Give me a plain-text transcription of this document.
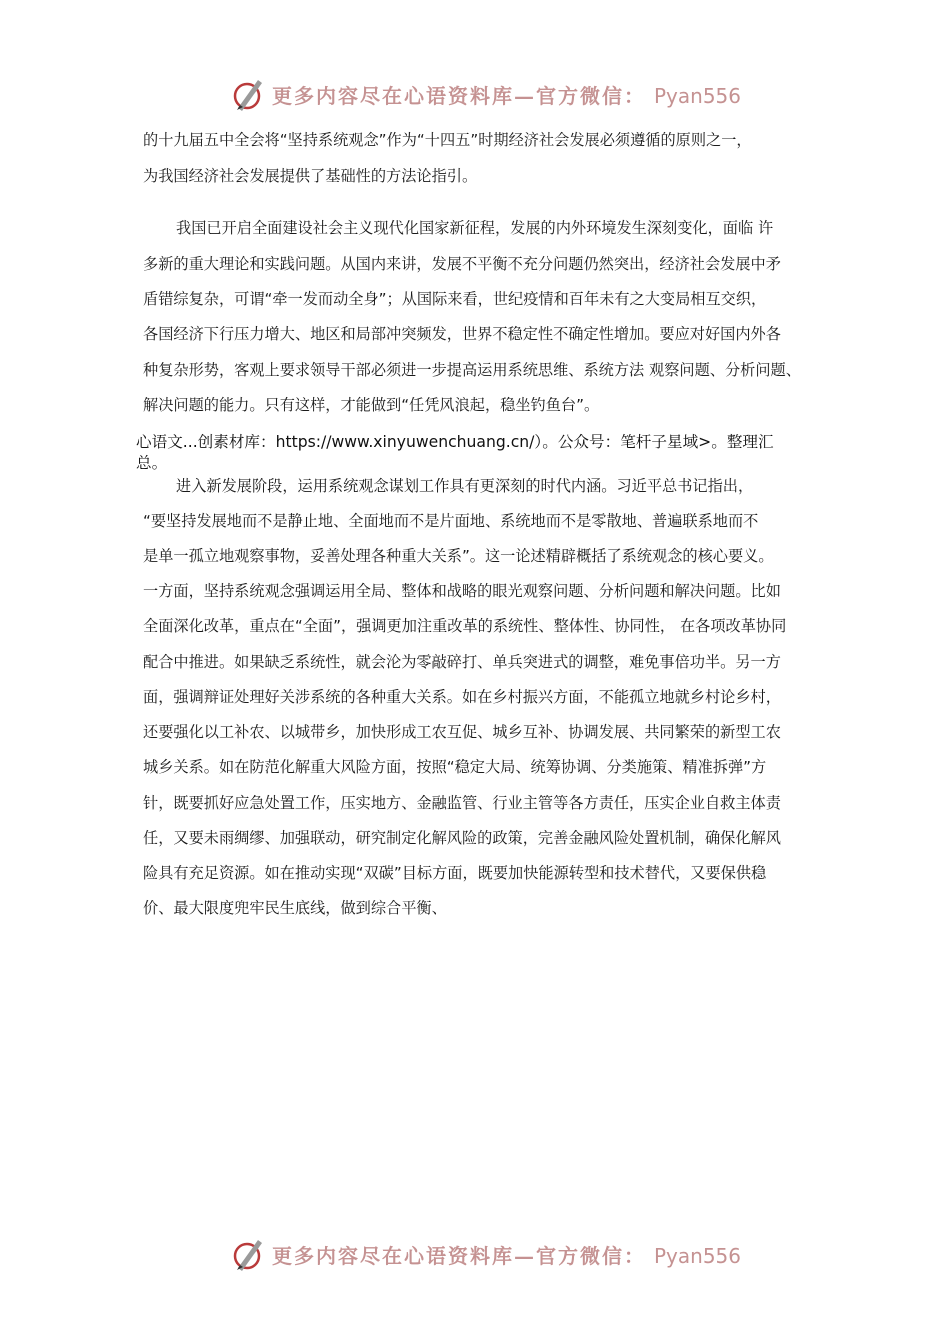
更多内容尽在心语资料库—官方微信： Pyan556
的十九届五中全会将“坚持系统观念”作为“十四五”时期经济社会发展必须遵循的原则之一，
为我国经济社会发展提供了基础性的方法论指引。
我国已开启全面建设社会主义现代化国家新征程，发展的内外环境发生深刻变化，面临 许
多新的重大理论和实践问题。从国内来讲，发展不平衡不充分问题仍然突出，经济社会发展中矛
盾错综复杂，可谓“牵一发而动全身”；从国际来看，世纪疫情和百年未有之大变局相互交织，
各国经济下行压力增大、地区和局部冲突频发，世界不稳定性不确定性增加。要应对好国内外各
种复杂形势，客观上要求领导干部必须进一步提高运用系统思维、系统方法 观察问题、分析问题、
解决问题的能力。只有这样，才能做到“任凭风浪起，稳坐钓鱼台”。
心语文...创素材库：https://www.xinyuwenchuang.cn/）。公众号：笔杆子星域>。整理汇
总。
进入新发展阶段，运用系统观念谋划工作具有更深刻的时代内涵。习近平总书记指出，
“要坚持发展地而不是静止地、全面地而不是片面地、系统地而不是零散地、普遍联系地而不
是单一孤立地观察事物，妥善处理各种重大关系”。这一论述精辟概括了系统观念的核心要义。
一方面，坚持系统观念强调运用全局、整体和战略的眼光观察问题、分析问题和解决问题。比如
全面深化改革，重点在“全面”，强调更加注重改革的系统性、整体性、协同性， 在各项改革协同
配合中推进。如果缺乏系统性，就会沦为零敲碎打、单兵突进式的调整，难免事倍功半。另一方
面，强调辩证处理好关涉系统的各种重大关系。如在乡村振兴方面，不能孤立地就乡村论乡村，
还要强化以工补农、以城带乡，加快形成工农互促、城乡互补、协调发展、共同繁荣的新型工农
城乡关系。如在防范化解重大风险方面，按照“稳定大局、统筹协调、分类施策、精准拆弹”方
针，既要抓好应急处置工作，压实地方、金融监管、行业主管等各方责任，压实企业自救主体责
任，又要未雨绸缪、加强联动，研究制定化解风险的政策，完善金融风险处置机制，确保化解风
险具有充足资源。如在推动实现“双碳”目标方面，既要加快能源转型和技术替代，又要保供稳
价、最大限度兜牢民生底线，做到综合平衡、
更多内容尽在心语资料库—官方微信： Pyan556
